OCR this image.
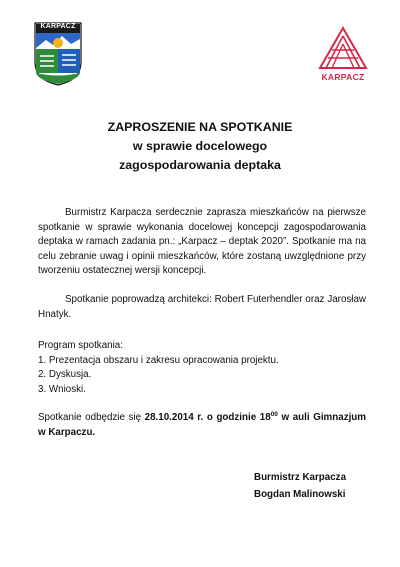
KARPACZ
KARPACZ
ZAPROSZENIE NA SPOTKANIE
w sprawie docelowego
zagospodarowania deptaka

Burmistrz Karpacza serdecznie zaprasza mieszkańców na pierwsze spotkanie w sprawie wykonania docelowej koncepcji zagospodarowania deptaka w ramach zadania pn.: „Karpacz – deptak 2020”. Spotkanie ma na celu zebranie uwag i opinii mieszkańców, które zostaną uwzględnione przy tworzeniu ostatecznej wersji koncepcji.

Spotkanie poprowadzą architekci: Robert Futerhendler oraz Jarosław Hnatyk.

Program spotkania:
1. Prezentacja obszaru i zakresu opracowania projektu.
2. Dyskusja.
3. Wnioski.

Spotkanie odbędzie się 28.10.2014 r. o godzinie $18^{00}$ w auli Gimnazjum w Karpaczu.

Burmistrz Karpacza
Bogdan Malinowski
